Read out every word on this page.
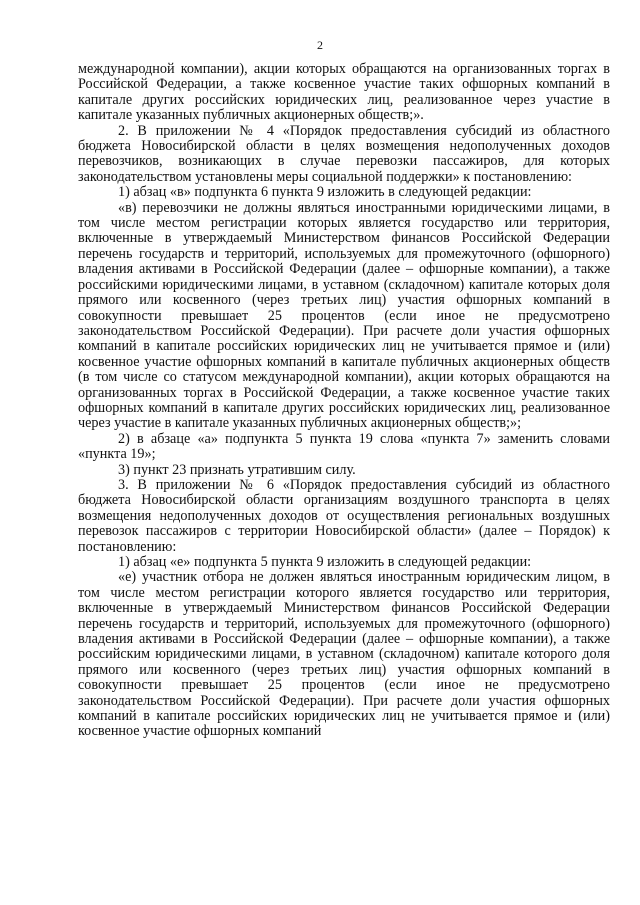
2

международной компании), акции которых обращаются на организованных торгах в Российской Федерации, а также косвенное участие таких офшорных компаний в капитале других российских юридических лиц, реализованное через участие в капитале указанных публичных акционерных обществ;».

2. В приложении № 4 «Порядок предоставления субсидий из областного бюджета Новосибирской области в целях возмещения недополученных доходов перевозчиков, возникающих в случае перевозки пассажиров, для которых законодательством установлены меры социальной поддержки» к постановлению:

1) абзац «в» подпункта 6 пункта 9 изложить в следующей редакции:

«в) перевозчики не должны являться иностранными юридическими лицами, в том числе местом регистрации которых является государство или территория, включенные в утверждаемый Министерством финансов Российской Федерации перечень государств и территорий, используемых для промежуточного (офшорного) владения активами в Российской Федерации (далее – офшорные компании), а также российскими юридическими лицами, в уставном (складочном) капитале которых доля прямого или косвенного (через третьих лиц) участия офшорных компаний в совокупности превышает 25 процентов (если иное не предусмотрено законодательством Российской Федерации). При расчете доли участия офшорных компаний в капитале российских юридических лиц не учитывается прямое и (или) косвенное участие офшорных компаний в капитале публичных акционерных обществ (в том числе со статусом международной компании), акции которых обращаются на организованных торгах в Российской Федерации, а также косвенное участие таких офшорных компаний в капитале других российских юридических лиц, реализованное через участие в капитале указанных публичных акционерных обществ;»;

2) в абзаце «а» подпункта 5 пункта 19 слова «пункта 7» заменить словами «пункта 19»;

3) пункт 23 признать утратившим силу.

3. В приложении № 6 «Порядок предоставления субсидий из областного бюджета Новосибирской области организациям воздушного транспорта в целях возмещения недополученных доходов от осуществления региональных воздушных перевозок пассажиров с территории Новосибирской области» (далее – Порядок) к постановлению:

1) абзац «е» подпункта 5 пункта 9 изложить в следующей редакции:

«е) участник отбора не должен являться иностранным юридическим лицом, в том числе местом регистрации которого является государство или территория, включенные в утверждаемый Министерством финансов Российской Федерации перечень государств и территорий, используемых для промежуточного (офшорного) владения активами в Российской Федерации (далее – офшорные компании), а также российским юридическими лицами, в уставном (складочном) капитале которого доля прямого или косвенного (через третьих лиц) участия офшорных компаний в совокупности превышает 25 процентов (если иное не предусмотрено законодательством Российской Федерации). При расчете доли участия офшорных компаний в капитале российских юридических лиц не учитывается прямое и (или) косвенное участие офшорных компаний
